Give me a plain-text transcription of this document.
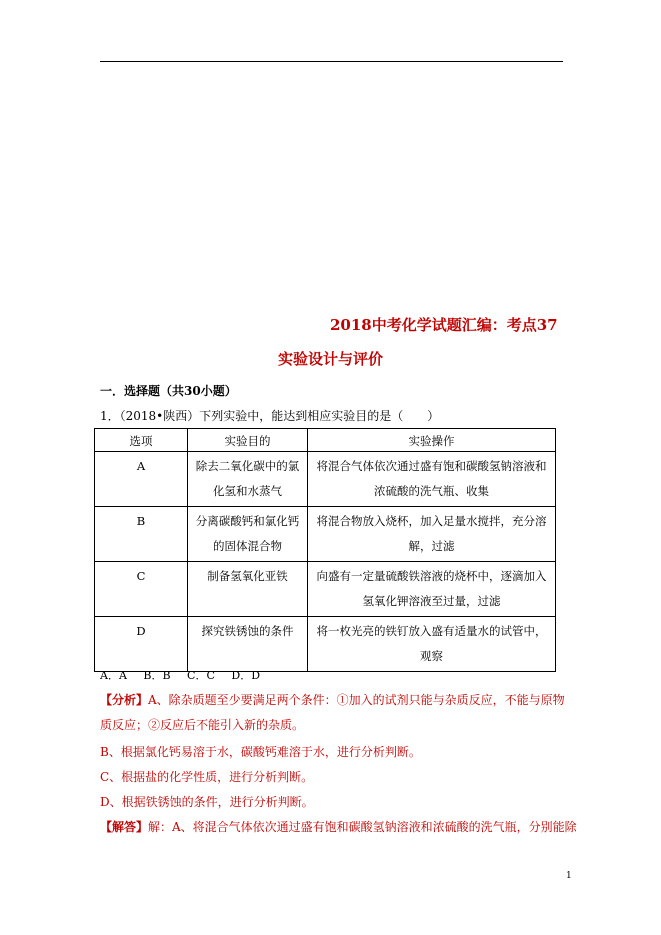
2018中考化学试题汇编：考点37
实验设计与评价
一．选择题（共30小题）
1．（2018•陕西）下列实验中，能达到相应实验目的是（　　）
选项	实验目的	实验操作
A	除去二氧化碳中的氯化氢和水蒸气	将混合气体依次通过盛有饱和碳酸氢钠溶液和浓硫酸的洗气瓶、收集
B	分离碳酸钙和氯化钙的固体混合物	将混合物放入烧杯，加入足量水搅拌，充分溶解，过滤
C	制备氢氧化亚铁	向盛有一定量硫酸铁溶液的烧杯中，逐滴加入氢氧化钾溶液至过量，过滤
D	探究铁锈蚀的条件	将一枚光亮的铁钉放入盛有适量水的试管中，观察
A．A　 B．B　 C．C　 D．D
【分析】A、除杂质题至少要满足两个条件：①加入的试剂只能与杂质反应，不能与原物质反应；②反应后不能引入新的杂质。
B、根据氯化钙易溶于水，碳酸钙难溶于水，进行分析判断。
C、根据盐的化学性质，进行分析判断。
D、根据铁锈蚀的条件，进行分析判断。
【解答】解：A、将混合气体依次通过盛有饱和碳酸氢钠溶液和浓硫酸的洗气瓶，分别能除
1
